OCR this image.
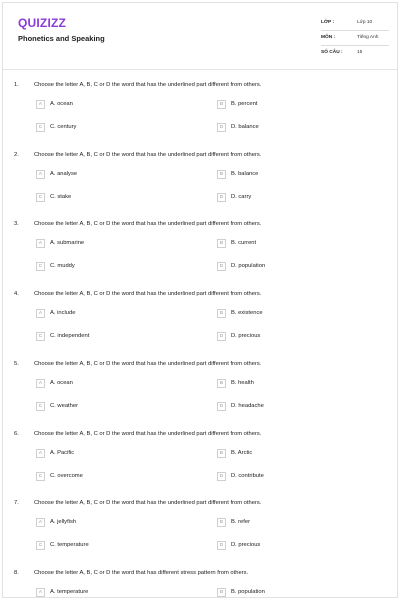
QUIZIZZ
Phonetics and Speaking
LỚP :	Lớp 10
MÔN :	Tiếng Anh
SỐ CÂU :	15
1.	Choose the letter A, B, C or D the word that has the underlined part different from others.
A	A. ocean	B	B. percent
C	C. century	D	D. balance
2.	Choose the letter A, B, C or D the word that has the underlined part different from others.
A	A. analyse	B	B. balance
C	C. stake	D	D. carry
3.	Choose the letter A, B, C or D the word that has the underlined part different from others.
A	A. submarine	B	B. current
C	C. muddy	D	D. population
4.	Choose the letter A, B, C or D the word that has the underlined part different from others.
A	A. include	B	B. existence
C	C. independent	D	D. precious
5.	Choose the letter A, B, C or D the word that has the underlined part different from others.
A	A. ocean	B	B. health
C	C. weather	D	D. headache
6.	Choose the letter A, B, C or D the word that has the underlined part different from others.
A	A. Pacific	B	B. Arctic
C	C. overcome	D	D. contribute
7.	Choose the letter A, B, C or D the word that has the underlined part different from others.
A	A. jellyfish	B	B. refer
C	C. temperature	D	D. precious
8.	Choose the letter A, B, C or D the word that has different stress pattern from others.
A	A. temperature	B	B. population
